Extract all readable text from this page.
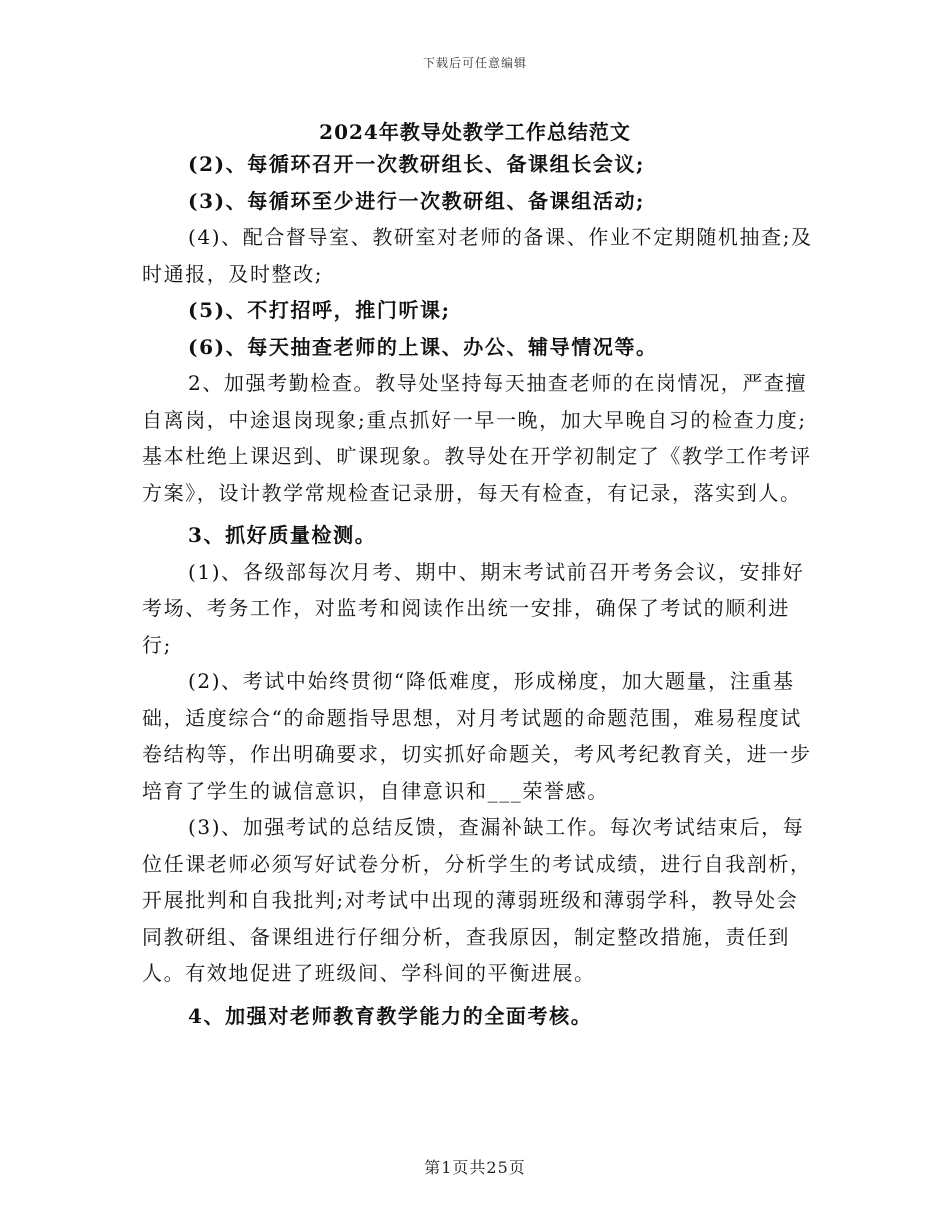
下载后可任意编辑
2024年教导处教学工作总结范文

(2)、每循环召开一次教研组长、备课组长会议;

(3)、每循环至少进行一次教研组、备课组活动;

(4)、配合督导室、教研室对老师的备课、作业不定期随机抽查;及时通报，及时整改;

(5)、不打招呼，推门听课;

(6)、每天抽查老师的上课、办公、辅导情况等。

2、加强考勤检查。教导处坚持每天抽查老师的在岗情况，严查擅自离岗，中途退岗现象;重点抓好一早一晚，加大早晚自习的检查力度;基本杜绝上课迟到、旷课现象。教导处在开学初制定了《教学工作考评方案》，设计教学常规检查记录册，每天有检查，有记录，落实到人。

3、抓好质量检测。

(1)、各级部每次月考、期中、期末考试前召开考务会议，安排好考场、考务工作，对监考和阅读作出统一安排，确保了考试的顺利进行;

(2)、考试中始终贯彻“降低难度，形成梯度，加大题量，注重基础，适度综合“的命题指导思想，对月考试题的命题范围，难易程度试卷结构等，作出明确要求，切实抓好命题关，考风考纪教育关，进一步培育了学生的诚信意识，自律意识和___荣誉感。

(3)、加强考试的总结反馈，查漏补缺工作。每次考试结束后，每位任课老师必须写好试卷分析，分析学生的考试成绩，进行自我剖析，开展批判和自我批判;对考试中出现的薄弱班级和薄弱学科，教导处会同教研组、备课组进行仔细分析，查我原因，制定整改措施，责任到人。有效地促进了班级间、学科间的平衡进展。

4、加强对老师教育教学能力的全面考核。

第1页共25页
